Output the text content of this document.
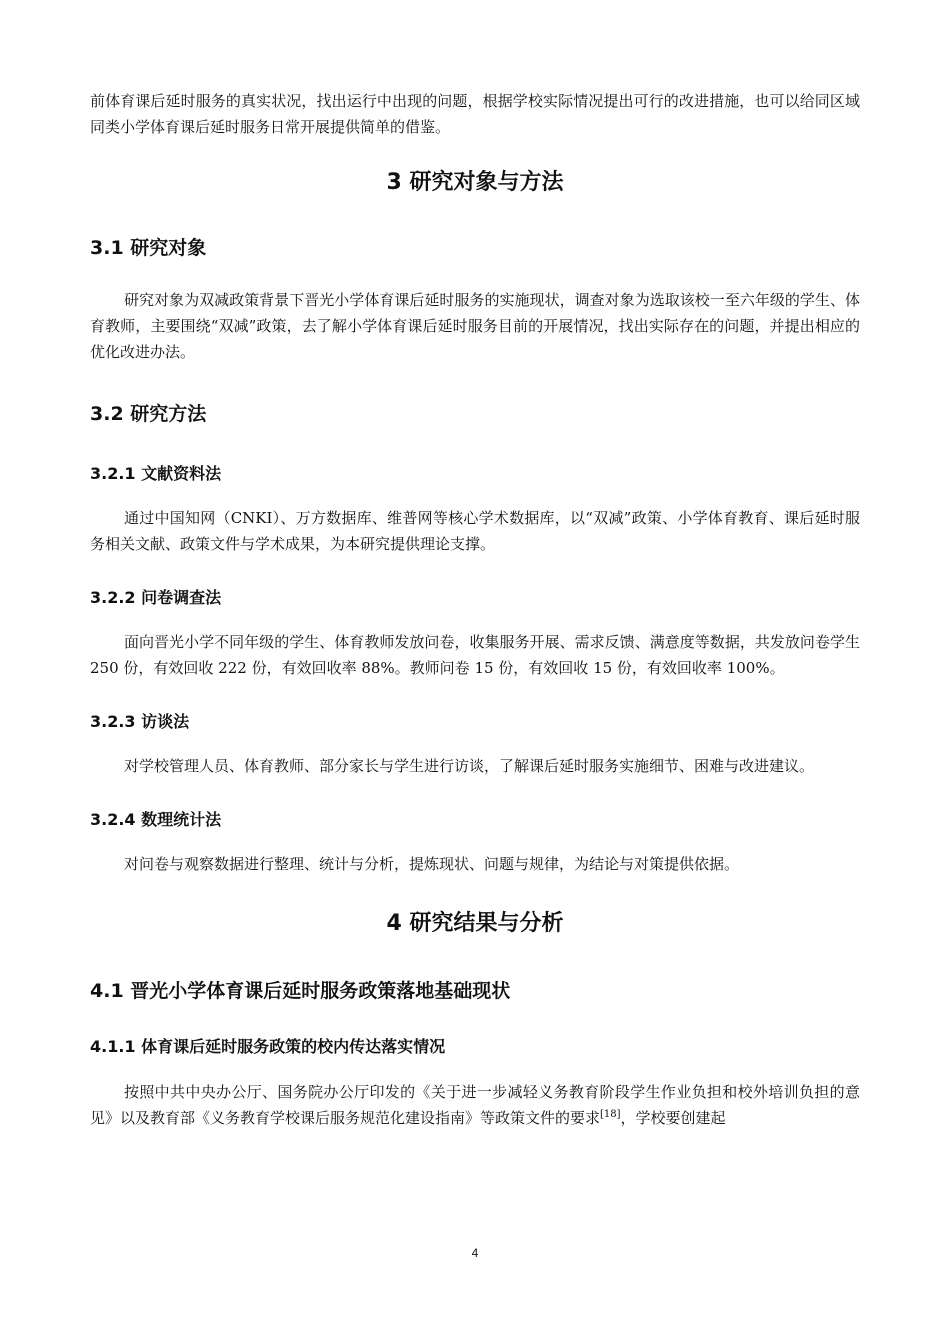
前体育课后延时服务的真实状况，找出运行中出现的问题，根据学校实际情况提出可行的改进措施，也可以给同区域同类小学体育课后延时服务日常开展提供简单的借鉴。

3 研究对象与方法
3.1 研究对象

研究对象为双减政策背景下晋光小学体育课后延时服务的实施现状，调查对象为选取该校一至六年级的学生、体育教师，主要围绕“双减”政策，去了解小学体育课后延时服务目前的开展情况，找出实际存在的问题，并提出相应的优化改进办法。

3.2 研究方法
3.2.1 文献资料法

通过中国知网（CNKI）、万方数据库、维普网等核心学术数据库，以“双减”政策、小学体育教育、课后延时服务相关文献、政策文件与学术成果，为本研究提供理论支撑。

3.2.2 问卷调查法

面向晋光小学不同年级的学生、体育教师发放问卷，收集服务开展、需求反馈、满意度等数据，共发放问卷学生 250 份，有效回收 222 份，有效回收率 88%。教师问卷 15 份，有效回收 15 份，有效回收率 100%。

3.2.3 访谈法

对学校管理人员、体育教师、部分家长与学生进行访谈，了解课后延时服务实施细节、困难与改进建议。

3.2.4 数理统计法

对问卷与观察数据进行整理、统计与分析，提炼现状、问题与规律，为结论与对策提供依据。

4 研究结果与分析
4.1 晋光小学体育课后延时服务政策落地基础现状
4.1.1 体育课后延时服务政策的校内传达落实情况

按照中共中央办公厅、国务院办公厅印发的《关于进一步减轻义务教育阶段学生作业负担和校外培训负担的意见》以及教育部《义务教育学校课后服务规范化建设指南》等政策文件的要求[18]，学校要创建起

4
